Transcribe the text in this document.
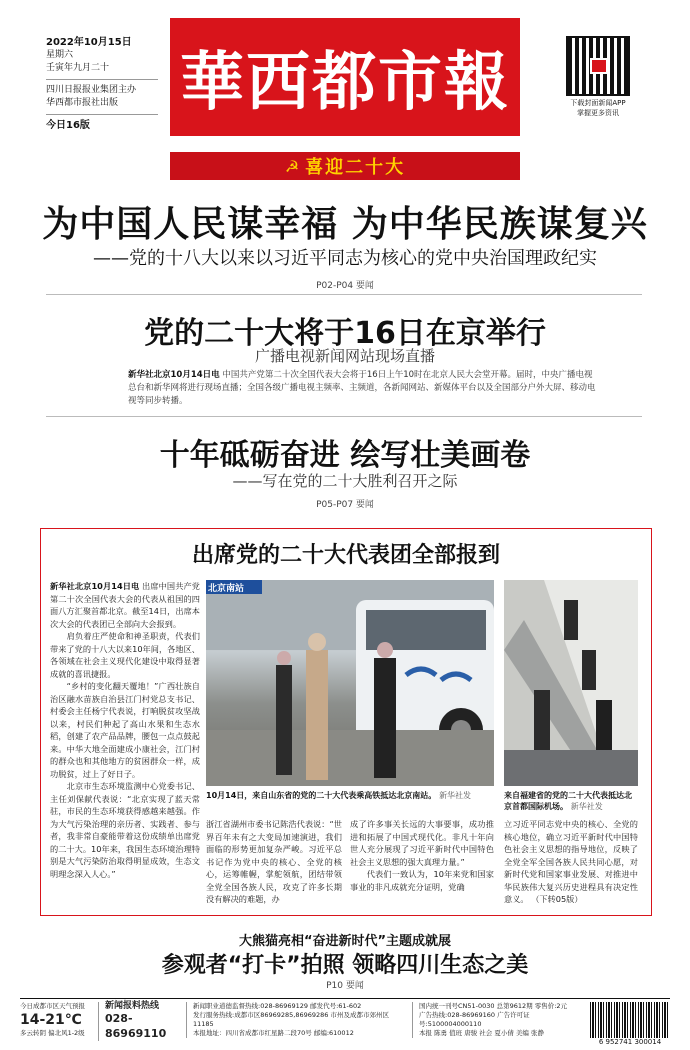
2022年10月15日
星期六
壬寅年九月二十
四川日报报业集团主办
华西都市报社出版
今日16版
華西都市報	下载封面新闻APP
掌握更多资讯
☭ 喜迎二十大
为中国人民谋幸福 为中华民族谋复兴
——党的十八大以来以习近平同志为核心的党中央治国理政纪实
P02-P04 要闻
党的二十大将于16日在京举行
广播电视新闻网站现场直播
新华社北京10月14日电 中国共产党第二十次全国代表大会将于16日上午10时在北京人民大会堂开幕。届时，中央广播电视总台和新华网将进行现场直播；全国各级广播电视主频率、主频道，各新闻网站、新媒体平台以及全国部分户外大屏、移动电视等同步转播。
十年砥砺奋进 绘写壮美画卷
——写在党的二十大胜利召开之际
P05-P07 要闻
出席党的二十大代表团全部报到
新华社北京10月14日电 出席中国共产党第二十次全国代表大会的代表从祖国的四面八方汇聚首都北京。截至14日，出席本次大会的代表团已全部向大会报到。
　　肩负着庄严使命和神圣职责，代表们带来了党的十八大以来10年间，各地区、各领域在社会主义现代化建设中取得显著成就的喜讯捷报。
　　“乡村的变化翻天覆地！”广西壮族自治区融水苗族自治县江门村党总支书记、村委会主任杨宁代表说，打响脱贫攻坚战以来，村民们种起了高山水果和生态水稻，创建了农产品品牌，腰包一点点鼓起来。中华大地全面建成小康社会，江门村的群众也和其他地方的贫困群众一样，成功脱贫，过上了好日子。
　　北京市生态环境监测中心党委书记、主任刘保献代表说：“北京实现了蓝天常驻，市民的生态环境获得感越来越强。作为大气污染治理的亲历者、实践者、参与者，我非常自豪能带着这份成绩单出席党的二十大。10年来，我国生态环境治理特别是大气污染防治取得明显成效，生态文明理念深入人心。”
北京南站
10月14日，来自山东省的党的二十大代表乘高铁抵达北京南站。 新华社发	来自福建省的党的二十大代表抵达北京首都国际机场。 新华社发
浙江省湖州市委书记陈浩代表说：“世界百年未有之大变局加速演进，我们面临的形势更加复杂严峻。习近平总书记作为党中央的核心、全党的核心，运筹帷幄，掌舵领航，团结带领全党全国各族人民，攻克了许多长期没有解决的难题，办
成了许多事关长远的大事要事，成功推进和拓展了中国式现代化。非凡十年向世人充分展现了习近平新时代中国特色社会主义思想的强大真理力量。”
　　代表们一致认为，10年来党和国家事业的非凡成就充分证明，党确
立习近平同志党中央的核心、全党的核心地位，确立习近平新时代中国特色社会主义思想的指导地位，反映了全党全军全国各族人民共同心愿，对新时代党和国家事业发展、对推进中华民族伟大复兴历史进程具有决定性意义。 （下转05版）
大熊猫亮相“奋进新时代”主题成就展
参观者“打卡”拍照 领略四川生态之美
P10 要闻
今日成都市区天气预报
14-21℃
多云转阴 偏北风1-2级
新闻报料热线
028-86969110
新闻职业道德监督热线:028-86969129 邮发代号:61-602
发行服务热线:成都市区86969285,86969286 市州及成都市郊州区11185
本报地址：四川省成都市红星路二段70号 邮编:610012
国内统一刊号CN51-0030 总第9612期 零售价:2元
广告热线:028-86969160 广告许可证号:5100004000110
本报 陈勇 值班 唐骏 社会 夏小倩 美编 张静
6 952741 300014
